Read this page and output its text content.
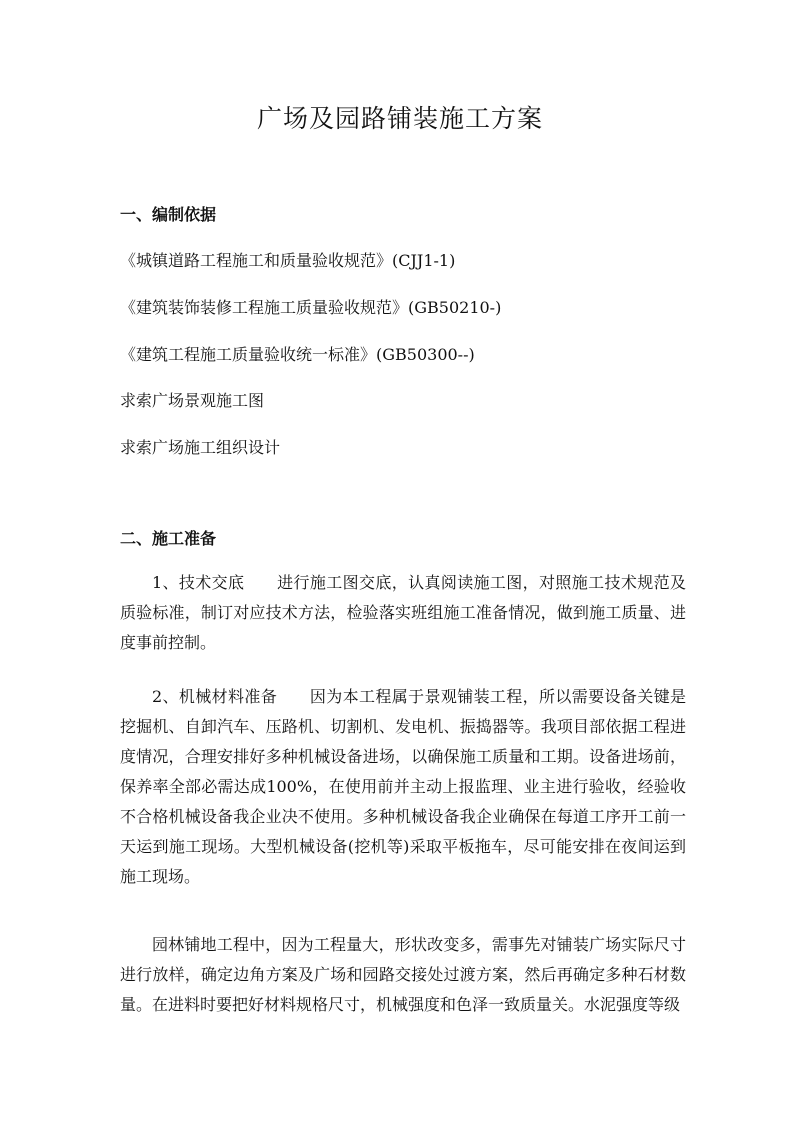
广场及园路铺装施工方案
一、编制依据
《城镇道路工程施工和质量验收规范》(CJJ1-1)
《建筑装饰装修工程施工质量验收规范》(GB50210-)
《建筑工程施工质量验收统一标准》(GB50300--)
求索广场景观施工图
求索广场施工组织设计
二、施工准备
1、技术交底　　进行施工图交底，认真阅读施工图，对照施工技术规范及质验标准，制订对应技术方法，检验落实班组施工准备情况，做到施工质量、进度事前控制。
2、机械材料准备　　因为本工程属于景观铺装工程，所以需要设备关键是挖掘机、自卸汽车、压路机、切割机、发电机、振捣器等。我项目部依据工程进度情况，合理安排好多种机械设备进场，以确保施工质量和工期。设备进场前，保养率全部必需达成100%，在使用前并主动上报监理、业主进行验收，经验收不合格机械设备我企业决不使用。多种机械设备我企业确保在每道工序开工前一天运到施工现场。大型机械设备(挖机等)采取平板拖车，尽可能安排在夜间运到施工现场。
园林铺地工程中，因为工程量大，形状改变多，需事先对铺装广场实际尺寸进行放样，确定边角方案及广场和园路交接处过渡方案，然后再确定多种石材数量。在进料时要把好材料规格尺寸，机械强度和色泽一致质量关。水泥强度等级
